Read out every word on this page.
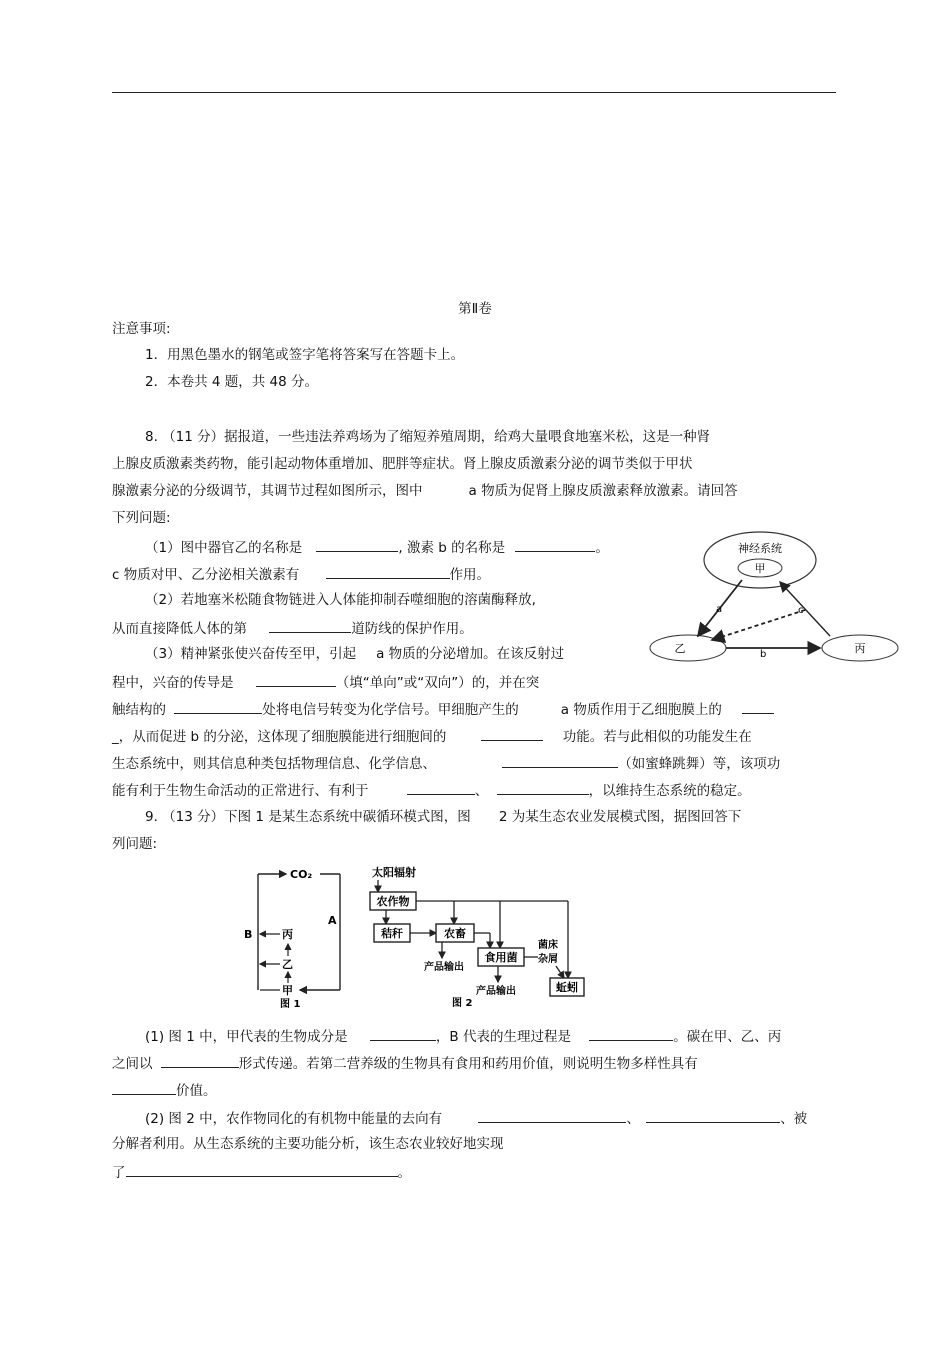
第Ⅱ卷
注意事项:
1．用黑色墨水的钢笔或签字笔将答案写在答题卡上。
2．本卷共 4 题，共 48 分。
8. （11 分）据报道，一些违法养鸡场为了缩短养殖周期，给鸡大量喂食地塞米松，这是一种肾
上腺皮质激素类药物，能引起动物体重增加、肥胖等症状。肾上腺皮质激素分泌的调节类似于甲状
腺激素分泌的分级调节，其调节过程如图所示，图中	a 物质为促肾上腺皮质激素释放激素。请回答
下列问题:
（1）图中器官乙的名称是	, 激素 b 的名称是	。
c 物质对甲、乙分泌相关激素有	作用。
（2）若地塞米松随食物链进入人体能抑制吞噬细胞的溶菌酶释放,
从而直接降低人体的第	道防线的保护作用。
（3）精神紧张使兴奋传至甲，引起 a 物质的分泌增加。在该反射过
程中，兴奋的传导是	（填“单向”或“双向”）的，并在突
触结构的	处将电信号转变为化学信号。甲细胞产生的	a 物质作用于乙细胞膜上的
_，从而促进 b 的分泌，这体现了细胞膜能进行细胞间的	功能。若与此相似的功能发生在
生态系统中，则其信息种类包括物理信息、化学信息、	（如蜜蜂跳舞）等，该项功
能有利于生物生命活动的正常进行、有利于	、	，以维持生态系统的稳定。
神经系统
甲
乙	丙
a
b
c
9. （13 分）下图 1 是某生态系统中碳循环模式图，图 2 为某生态农业发展模式图，据图回答下
列问题:
CO₂
A
B	丙
乙
甲
图 1
太阳辐射
农作物
秸秆	农畜
产品输出
食用菌
菌床
杂屑
产品输出	蚯蚓
图 2
(1) 图 1 中，甲代表的生物成分是	，B 代表的生理过程是	。碳在甲、乙、丙
之间以	形式传递。若第二营养级的生物具有食用和药用价值，则说明生物多样性具有
价值。
(2) 图 2 中，农作物同化的有机物中能量的去向有	、	、被
分解者利用。从生态系统的主要功能分析，该生态农业较好地实现
了	。
